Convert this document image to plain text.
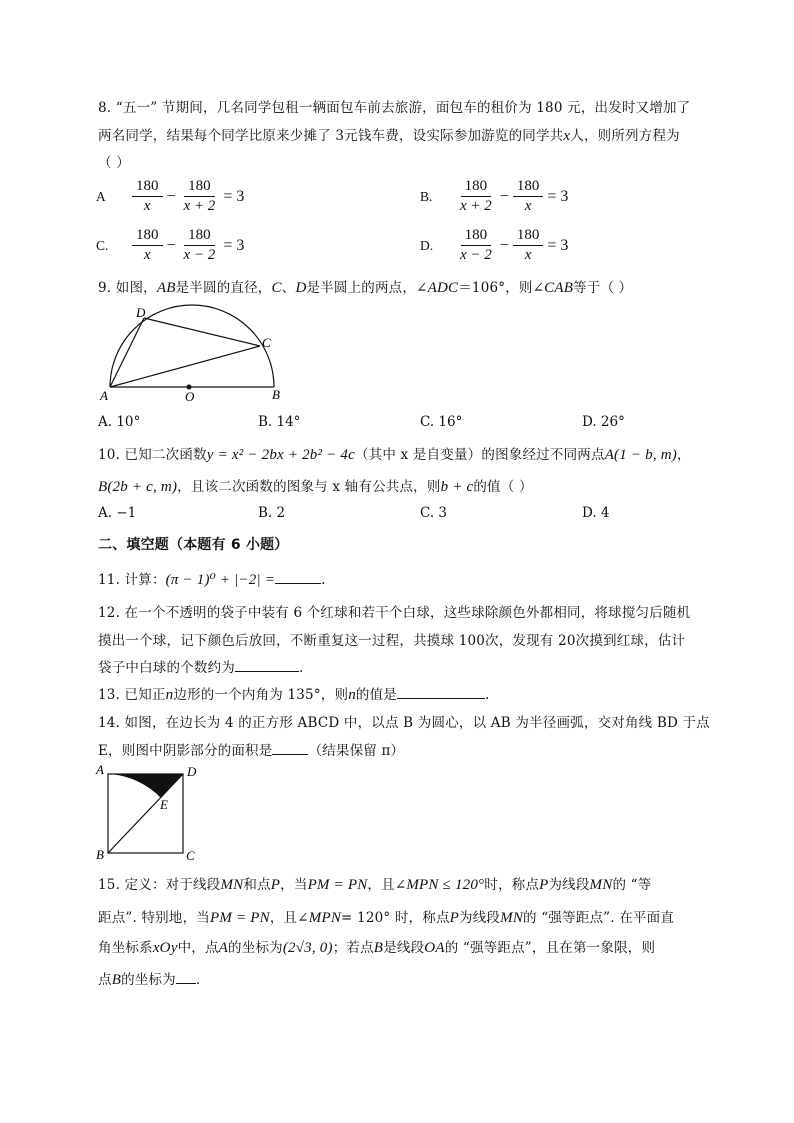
8. “五一” 节期间，几名同学包租一辆面包车前去旅游，面包车的租价为 180 元，出发时又增加了
两名同学，结果每个同学比原来少摊了 3元钱车费，设实际参加游览的同学共x人，则所列方程为
（ ）
A $\frac{180}{x} - \frac{180}{x + 2} = 3$	B. $\frac{180}{x + 2} - \frac{180}{x} = 3$
C. $\frac{180}{x} - \frac{180}{x - 2} = 3$	D. $\frac{180}{x - 2} - \frac{180}{x} = 3$
9. 如图，AB是半圆的直径，C、D是半圆上的两点，∠ADC＝106°，则∠CAB等于（ ）
D
C
A	O	B
A. 10°	B. 14°	C. 16°	D. 26°
10. 已知二次函数y = x² − 2bx + 2b² − 4c（其中 x 是自变量）的图象经过不同两点A(1 − b, m)，
B(2b + c, m)，且该二次函数的图象与 x 轴有公共点，则b + c的值（ ）
A. −1	B. 2	C. 3	D. 4
二、填空题（本题有 6 小题）
11. 计算：(π − 1)⁰ + |−2| =	.
12. 在一个不透明的袋子中装有 6 个红球和若干个白球，这些球除颜色外都相同，将球搅匀后随机
摸出一个球，记下颜色后放回，不断重复这一过程，共摸球 100次，发现有 20次摸到红球，估计
袋子中白球的个数约为	.
13. 已知正n边形的一个内角为 135°，则n的值是	.
14. 如图，在边长为 4 的正方形 ABCD 中，以点 B 为圆心，以 AB 为半径画弧，交对角线 BD 于点
E，则图中阴影部分的面积是	（结果保留 π）
A	D
E
B	C
15. 定义：对于线段MN和点P，当PM = PN，且∠MPN ≤ 120°时，称点P为线段MN的 “等
距点”. 特别地，当PM = PN，且∠MPN= 120° 时，称点P为线段MN的 “强等距点”. 在平面直
角坐标系xOy中，点A的坐标为(2√3, 0)；若点B是线段OA的 “强等距点”，且在第一象限，则
点B的坐标为 .
